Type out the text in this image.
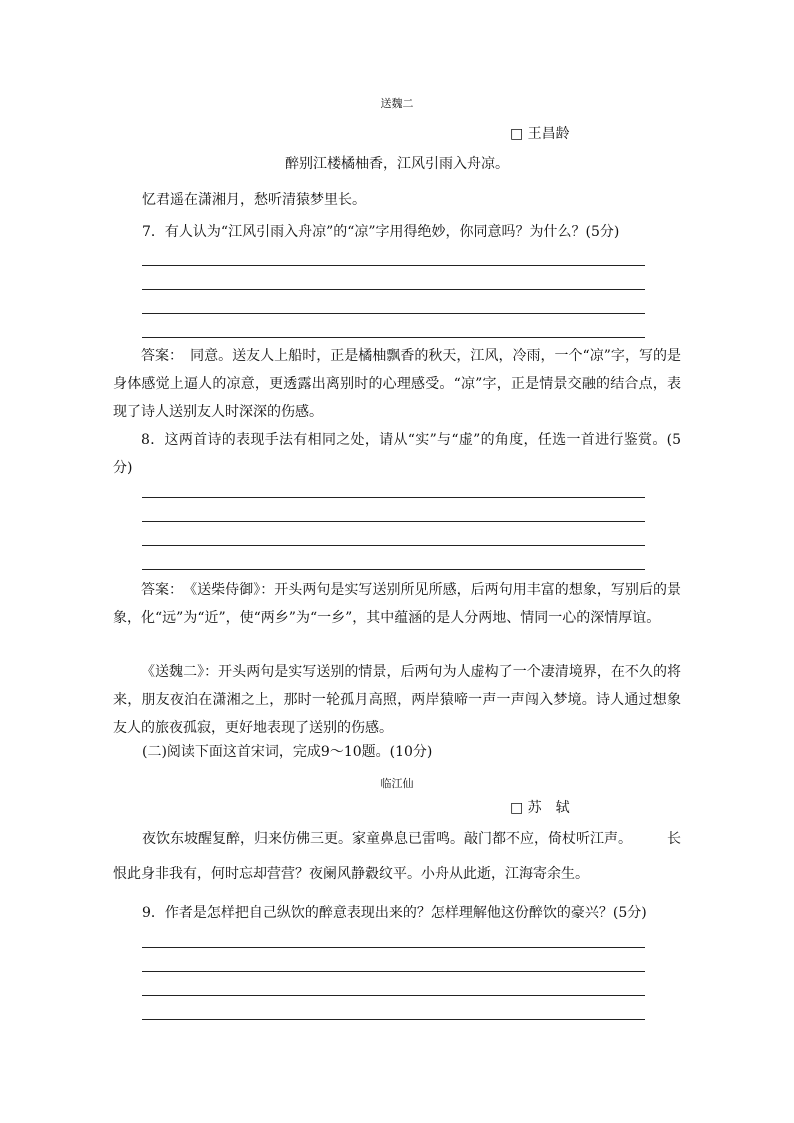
送魏二
□ 王昌龄
醉别江楼橘柚香，江风引雨入舟凉。
忆君遥在潇湘月，愁听清猿梦里长。
7．有人认为“江风引雨入舟凉”的“凉”字用得绝妙，你同意吗？为什么？(5分)
答案：　同意。送友人上船时，正是橘柚飘香的秋天，江风，冷雨，一个“凉”字，写的是身体感觉上逼人的凉意，更透露出离别时的心理感受。“凉”字，正是情景交融的结合点，表现了诗人送别友人时深深的伤感。
8．这两首诗的表现手法有相同之处，请从“实”与“虚”的角度，任选一首进行鉴赏。(5分)
答案：　《送柴侍御》：开头两句是实写送别所见所感，后两句用丰富的想象，写别后的景象，化“远”为“近”，使“两乡”为“一乡”，其中蕴涵的是人分两地、情同一心的深情厚谊。
《送魏二》：开头两句是实写送别的情景，后两句为人虚构了一个凄清境界，在不久的将来，朋友夜泊在潇湘之上，那时一轮孤月高照，两岸猿啼一声一声闯入梦境。诗人通过想象友人的旅夜孤寂，更好地表现了送别的伤感。
(二)阅读下面这首宋词，完成9～10题。(10分)
临江仙
□ 苏　轼
夜饮东坡醒复醉，归来仿佛三更。家童鼻息已雷鸣。敲门都不应，倚杖听江声。	长
恨此身非我有，何时忘却营营？夜阑风静縠纹平。小舟从此逝，江海寄余生。
9．作者是怎样把自己纵饮的醉意表现出来的？怎样理解他这份醉饮的豪兴？(5分)
